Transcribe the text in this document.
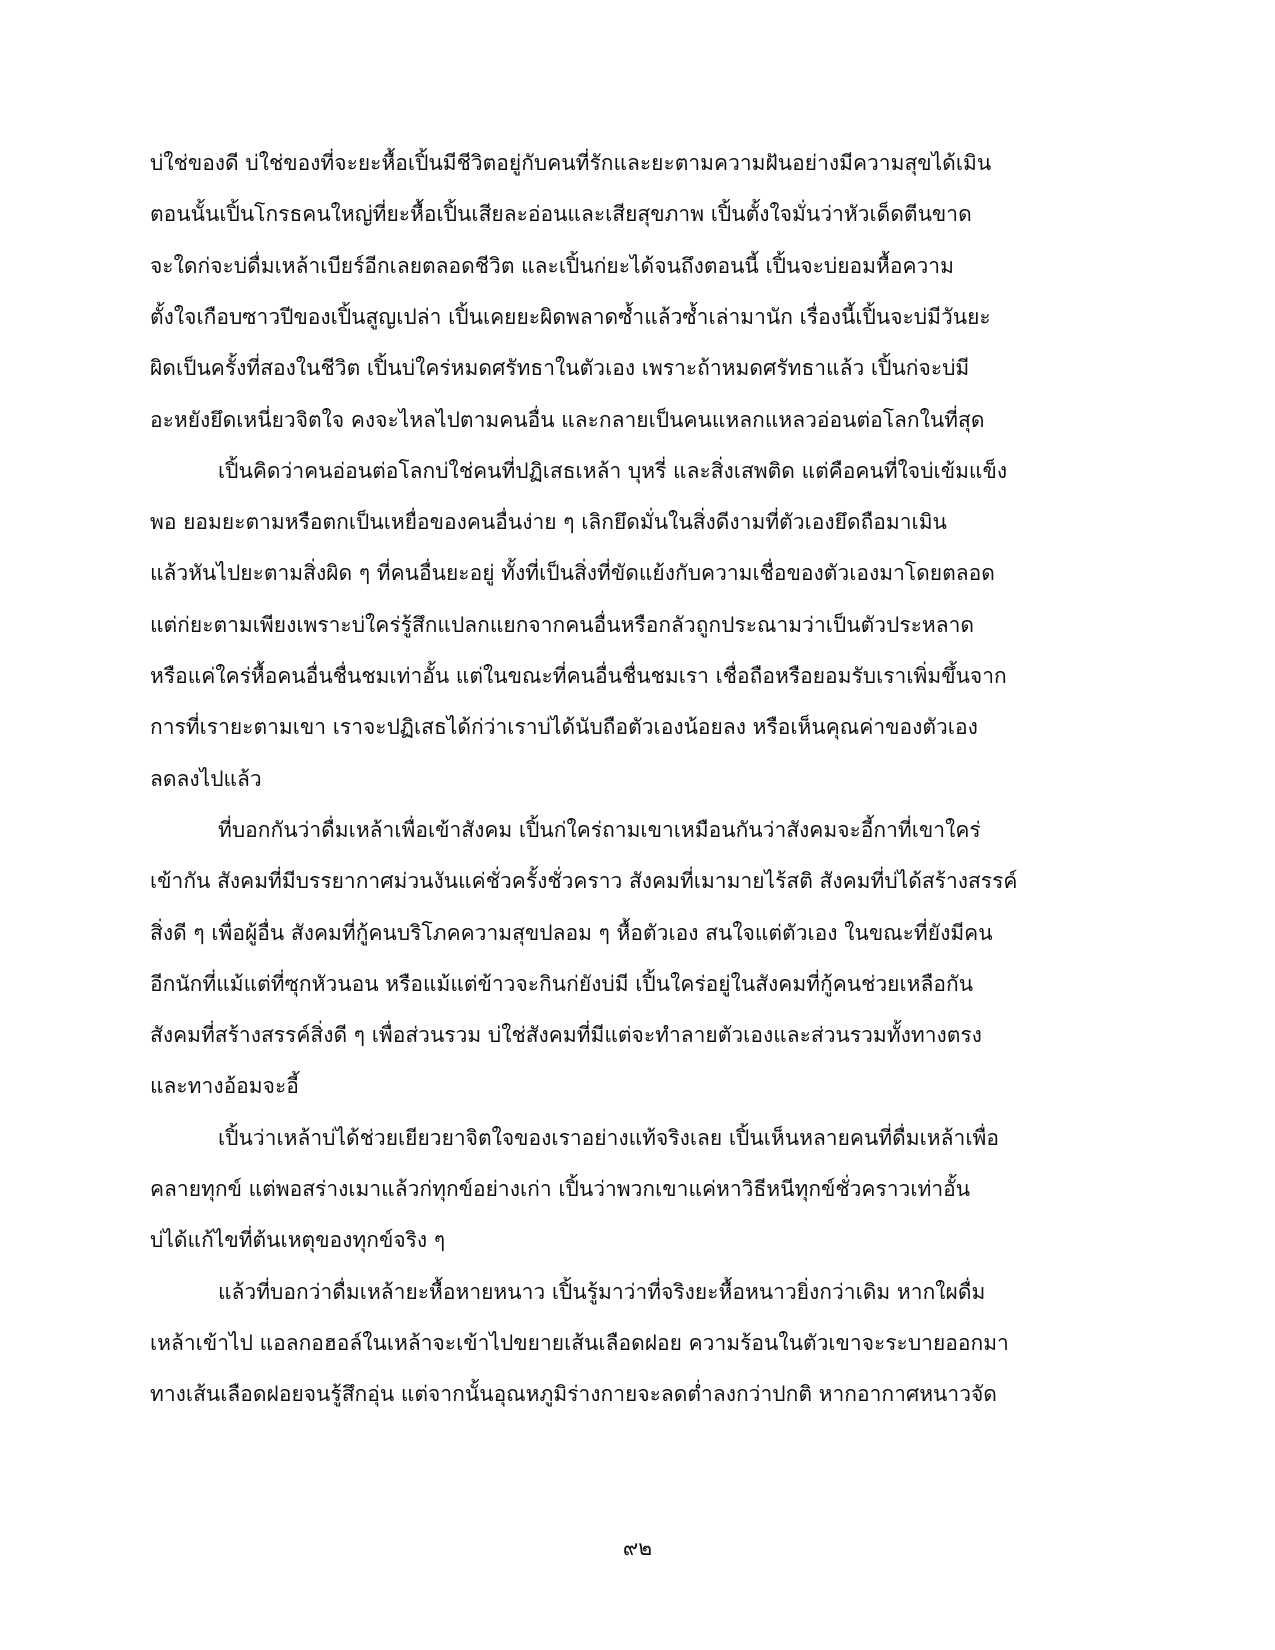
บ่ใช่ของดี บ่ใช่ของที่จะยะหื้อเปิ้นมีชีวิตอยู่กับคนที่รักและยะตามความฝันอย่างมีความสุขได้เมิน
ตอนนั้นเปิ้นโกรธคนใหญ่ที่ยะหื้อเปิ้นเสียละอ่อนและเสียสุขภาพ เปิ้นตั้งใจมั่นว่าหัวเด็ดตีนขาด
จะใดก่จะบ่ดื่มเหล้าเบียร์อีกเลยตลอดชีวิต และเปิ้นก่ยะได้จนถึงตอนนี้ เปิ้นจะบ่ยอมหื้อความ
ตั้งใจเกือบซาวปีของเปิ้นสูญเปล่า เปิ้นเคยยะผิดพลาดซ้ำแล้วซ้ำเล่ามานัก เรื่องนี้เปิ้นจะบ่มีวันยะ
ผิดเป็นครั้งที่สองในชีวิต เปิ้นบ่ใคร่หมดศรัทธาในตัวเอง เพราะถ้าหมดศรัทธาแล้ว เปิ้นก่จะบ่มี
อะหยังยึดเหนี่ยวจิตใจ คงจะไหลไปตามคนอื่น และกลายเป็นคนแหลกแหลวอ่อนต่อโลกในที่สุด
เปิ้นคิดว่าคนอ่อนต่อโลกบ่ใช่คนที่ปฏิเสธเหล้า บุหรี่ และสิ่งเสพติด แต่คือคนที่ใจบ่เข้มแข็ง
พอ ยอมยะตามหรือตกเป็นเหยื่อของคนอื่นง่าย ๆ เลิกยึดมั่นในสิ่งดีงามที่ตัวเองยึดถือมาเมิน
แล้วหันไปยะตามสิ่งผิด ๆ ที่คนอื่นยะอยู่ ทั้งที่เป็นสิ่งที่ขัดแย้งกับความเชื่อของตัวเองมาโดยตลอด
แต่ก่ยะตามเพียงเพราะบ่ใคร่รู้สึกแปลกแยกจากคนอื่นหรือกลัวถูกประณามว่าเป็นตัวประหลาด
หรือแค่ใคร่หื้อคนอื่นชื่นชมเท่าอั้น แต่ในขณะที่คนอื่นชื่นชมเรา เชื่อถือหรือยอมรับเราเพิ่มขึ้นจาก
การที่เรายะตามเขา เราจะปฏิเสธได้ก่ว่าเราบ่ได้นับถือตัวเองน้อยลง หรือเห็นคุณค่าของตัวเอง
ลดลงไปแล้ว
ที่บอกกันว่าดื่มเหล้าเพื่อเข้าสังคม เปิ้นก่ใคร่ถามเขาเหมือนกันว่าสังคมจะอี้กาที่เขาใคร่
เข้ากัน สังคมที่มีบรรยากาศม่วนงันแค่ชั่วครั้งชั่วคราว สังคมที่เมามายไร้สติ สังคมที่บ่ได้สร้างสรรค์
สิ่งดี ๆ เพื่อผู้อื่น สังคมที่กู้คนบริโภคความสุขปลอม ๆ หื้อตัวเอง สนใจแต่ตัวเอง ในขณะที่ยังมีคน
อีกนักที่แม้แต่ที่ซุกหัวนอน หรือแม้แต่ข้าวจะกินก่ยังบ่มี เปิ้นใคร่อยู่ในสังคมที่กู้คนช่วยเหลือกัน
สังคมที่สร้างสรรค์สิ่งดี ๆ เพื่อส่วนรวม บ่ใช่สังคมที่มีแต่จะทำลายตัวเองและส่วนรวมทั้งทางตรง
และทางอ้อมจะอี้
เปิ้นว่าเหล้าบ่ได้ช่วยเยียวยาจิตใจของเราอย่างแท้จริงเลย เปิ้นเห็นหลายคนที่ดื่มเหล้าเพื่อ
คลายทุกข์ แต่พอสร่างเมาแล้วก่ทุกข์อย่างเก่า เปิ้นว่าพวกเขาแค่หาวิธีหนีทุกข์ชั่วคราวเท่าอั้น
บ่ได้แก้ไขที่ต้นเหตุของทุกข์จริง ๆ
แล้วที่บอกว่าดื่มเหล้ายะหื้อหายหนาว เปิ้นรู้มาว่าที่จริงยะหื้อหนาวยิ่งกว่าเดิม หากใผดื่ม
เหล้าเข้าไป แอลกอฮอล์ในเหล้าจะเข้าไปขยายเส้นเลือดฝอย ความร้อนในตัวเขาจะระบายออกมา
ทางเส้นเลือดฝอยจนรู้สึกอุ่น แต่จากนั้นอุณหภูมิร่างกายจะลดต่ำลงกว่าปกติ หากอากาศหนาวจัด
๙๒
